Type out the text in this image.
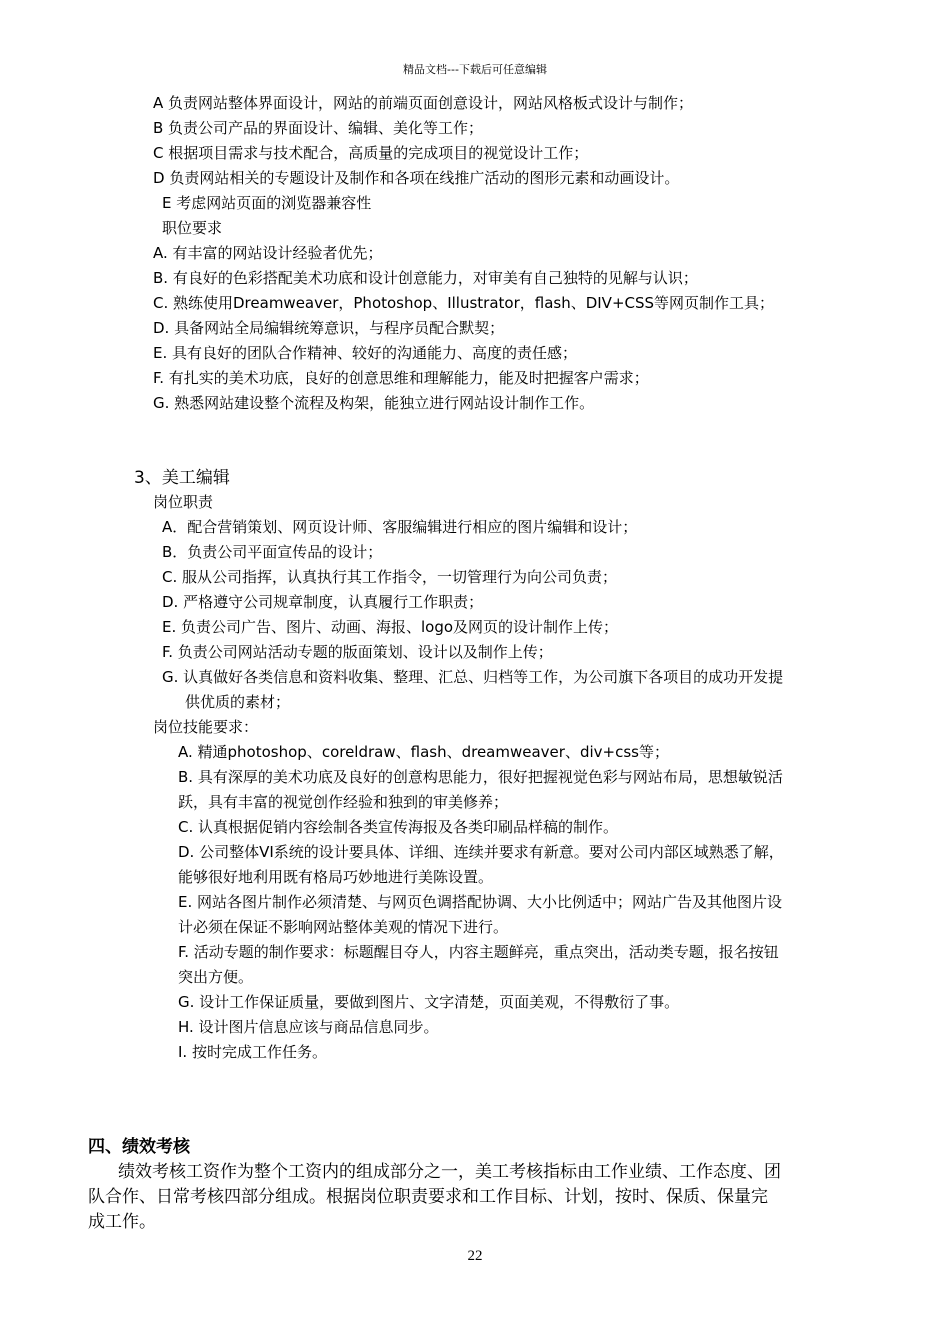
精品文档---下载后可任意编辑
A 负责网站整体界面设计，网站的前端页面创意设计，网站风格板式设计与制作；
B 负责公司产品的界面设计、编辑、美化等工作；
C 根据项目需求与技术配合，高质量的完成项目的视觉设计工作；
D 负责网站相关的专题设计及制作和各项在线推广活动的图形元素和动画设计。
E 考虑网站页面的浏览器兼容性
职位要求
A. 有丰富的网站设计经验者优先；
B. 有良好的色彩搭配美术功底和设计创意能力，对审美有自己独特的见解与认识；
C. 熟练使用Dreamweaver，Photoshop、Illustrator，flash、DIV+CSS等网页制作工具；
D. 具备网站全局编辑统筹意识，与程序员配合默契；
E. 具有良好的团队合作精神、较好的沟通能力、高度的责任感；
F. 有扎实的美术功底，良好的创意思维和理解能力，能及时把握客户需求；
G. 熟悉网站建设整个流程及构架，能独立进行网站设计制作工作。
3、美工编辑
岗位职责
A．配合营销策划、网页设计师、客服编辑进行相应的图片编辑和设计；
B．负责公司平面宣传品的设计；
C. 服从公司指挥，认真执行其工作指令，一切管理行为向公司负责；
D. 严格遵守公司规章制度，认真履行工作职责；
E. 负责公司广告、图片、动画、海报、logo及网页的设计制作上传；
F. 负责公司网站活动专题的版面策划、设计以及制作上传；
G. 认真做好各类信息和资料收集、整理、汇总、归档等工作，为公司旗下各项目的成功开发提
供优质的素材；
岗位技能要求：
A. 精通photoshop、coreldraw、flash、dreamweaver、div+css等；
B. 具有深厚的美术功底及良好的创意构思能力，很好把握视觉色彩与网站布局，思想敏锐活
跃，具有丰富的视觉创作经验和独到的审美修养；
C. 认真根据促销内容绘制各类宣传海报及各类印刷品样稿的制作。
D. 公司整体VI系统的设计要具体、详细、连续并要求有新意。要对公司内部区域熟悉了解，
能够很好地利用既有格局巧妙地进行美陈设置。
E. 网站各图片制作必须清楚、与网页色调搭配协调、大小比例适中；网站广告及其他图片设
计必须在保证不影响网站整体美观的情况下进行。
F. 活动专题的制作要求：标题醒目夺人，内容主题鲜亮，重点突出，活动类专题，报名按钮
突出方便。
G. 设计工作保证质量，要做到图片、文字清楚，页面美观，不得敷衍了事。
H. 设计图片信息应该与商品信息同步。
I. 按时完成工作任务。
四、绩效考核
绩效考核工资作为整个工资内的组成部分之一，美工考核指标由工作业绩、工作态度、团
队合作、日常考核四部分组成。根据岗位职责要求和工作目标、计划，按时、保质、保量完
成工作。
22
